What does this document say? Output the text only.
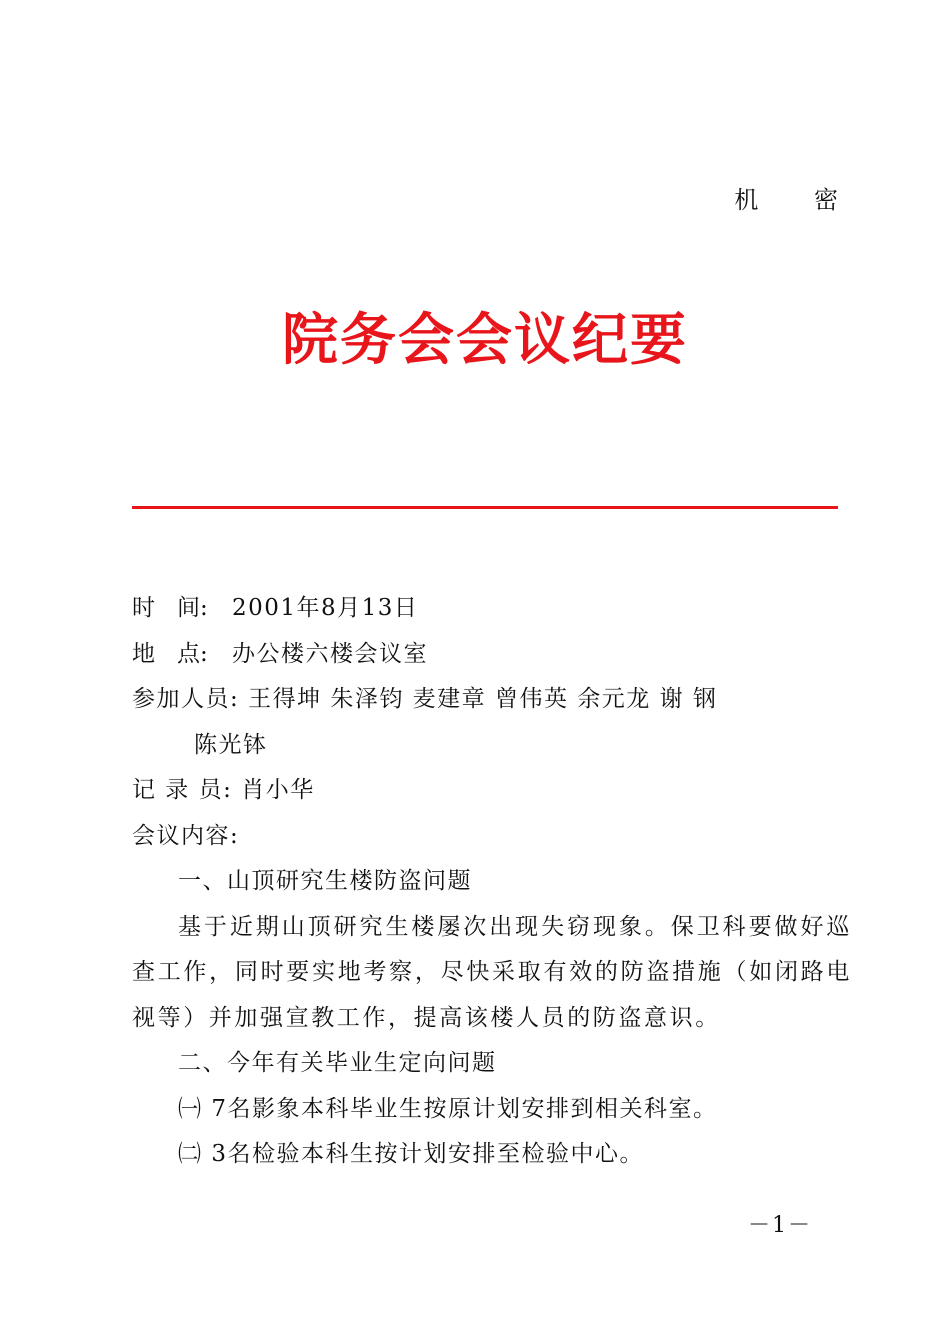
机 密
院务会会议纪要
时 间: 2001年8月13日
地 点: 办公楼六楼会议室
参加人员: 王得坤 朱泽钧 麦建章 曾伟英 余元龙 谢 钢
陈光钵
记 录 员: 肖小华
会议内容:
一、山顶研究生楼防盗问题
基于近期山顶研究生楼屡次出现失窃现象。保卫科要做好巡查工作，同时要实地考察，尽快采取有效的防盗措施（如闭路电视等）并加强宣教工作，提高该楼人员的防盗意识。
二、今年有关毕业生定向问题
㈠ 7名影象本科毕业生按原计划安排到相关科室。
㈡ 3名检验本科生按计划安排至检验中心。
－1－
